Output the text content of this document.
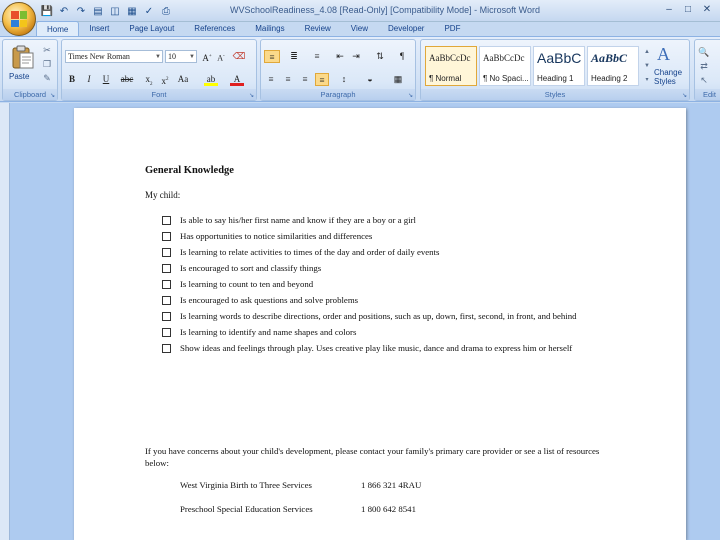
💾 ↶ ↷ ▤ ◫ ▦ ✓ ⎙	WVSchoolReadiness_4.08 [Read-Only] [Compatibility Mode] - Microsoft Word	–	□	✕
Home	Insert	Page Layout	References	Mailings	Review	View	Developer	PDF
Paste
✂
❐
✎
Clipboard ↘
Times New Roman	▼ 10 ▼ A+ A- ⌫
B	I	U	abc	$x_2$	$x^2$	Aa	ab	A
Font	↘
≡	≣	≡	⇤ ⇥	⇅	¶
≡	≡	≡	≡	↕	◒	▦
Paragraph	↘
AaBbCcDc
¶ Normal
AaBbCcDc
¶ No Spaci...
AaBbC
Heading 1
AaBbC
Heading 2
▲
▼
▾
A
Change Styles
Styles	↘
🔍
⇄
↖
Edit
General Knowledge
My child:
Is able to say his/her first name and know if they are a boy or a girl
Has opportunities to notice similarities and differences
Is learning to relate activities to times of the day and order of daily events
Is encouraged to sort and classify things
Is learning to count to ten and beyond
Is encouraged to ask questions and solve problems
Is learning words to describe directions, order and positions, such as up, down, first, second, in front, and behind
Is learning to identify and name shapes and colors
Show ideas and feelings through play. Uses creative play like music, dance and drama to express him or herself
If you have concerns about your child's development, please contact your family's primary care provider or see a list of resources below:
West Virginia Birth to Three Services	1 866 321 4RAU
Preschool Special Education Services	1 800 642 8541
